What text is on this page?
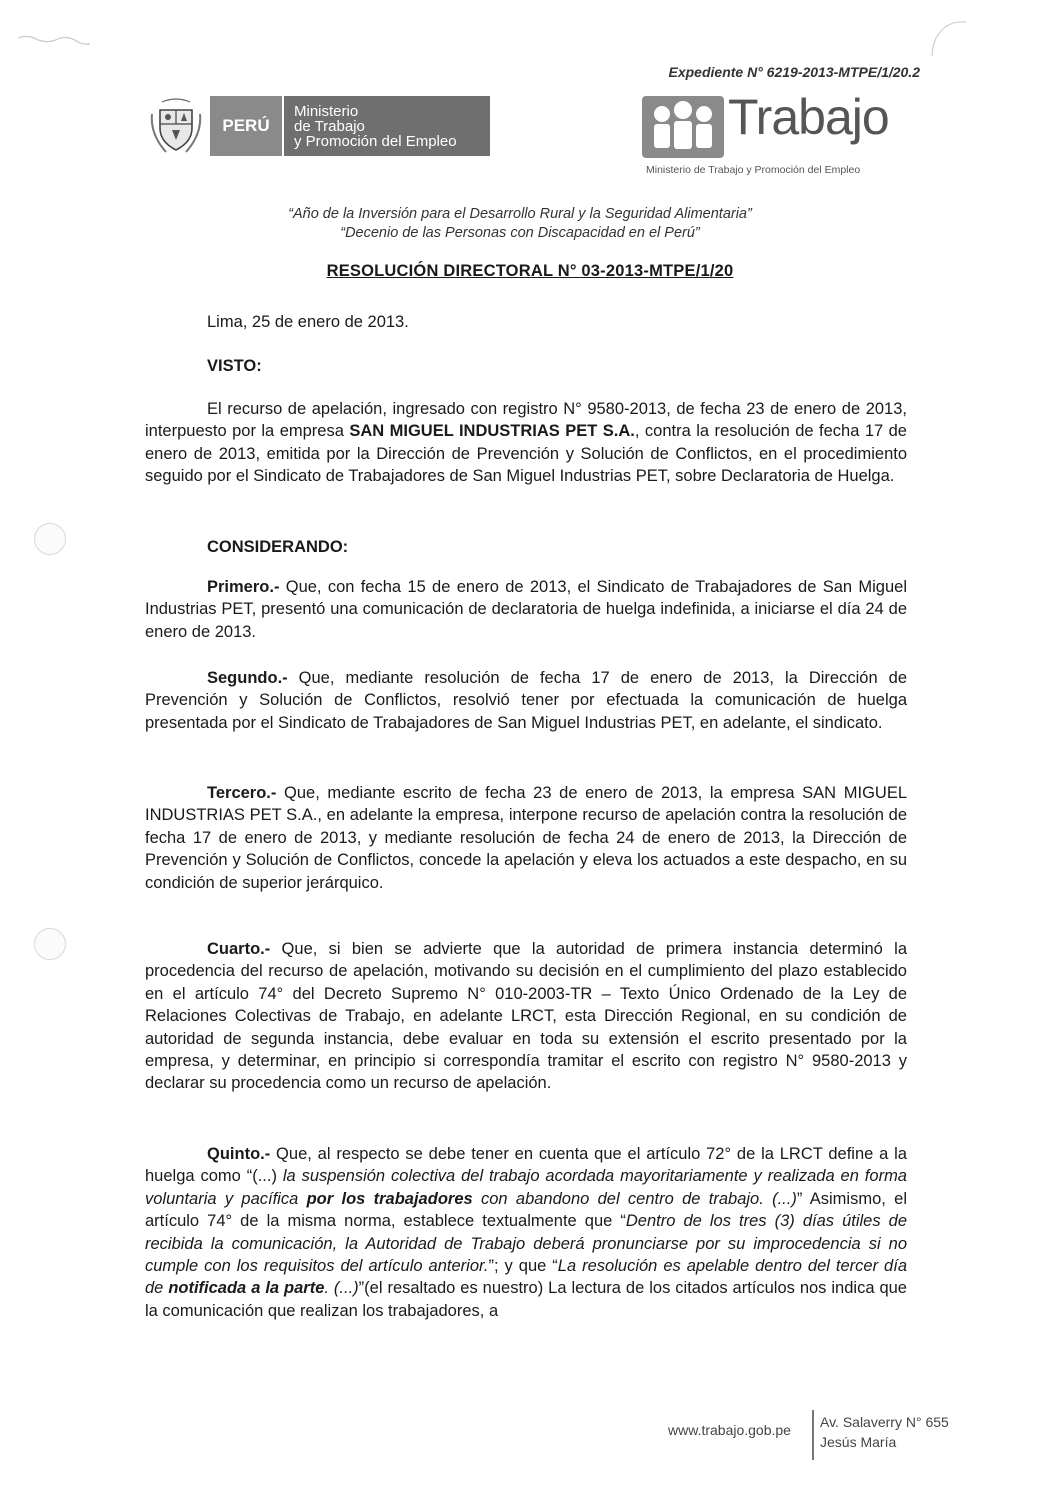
Expediente N° 6219-2013-MTPE/1/20.2
PERÚ
Ministerio
de Trabajo
y Promoción del Empleo	Trabajo
Ministerio de Trabajo y Promoción del Empleo
“Año de la Inversión para el Desarrollo Rural y la Seguridad Alimentaria”
“Decenio de las Personas con Discapacidad en el Perú”
RESOLUCIÓN DIRECTORAL N° 03-2013-MTPE/1/20
Lima, 25 de enero de 2013.
VISTO:
El recurso de apelación, ingresado con registro N° 9580-2013, de fecha 23 de enero de 2013, interpuesto por la empresa SAN MIGUEL INDUSTRIAS PET S.A., contra la resolución de fecha 17 de enero de 2013, emitida por la Dirección de Prevención y Solución de Conflictos, en el procedimiento seguido por el Sindicato de Trabajadores de San Miguel Industrias PET, sobre Declaratoria de Huelga.
CONSIDERANDO:
Primero.- Que, con fecha 15 de enero de 2013, el Sindicato de Trabajadores de San Miguel Industrias PET, presentó una comunicación de declaratoria de huelga indefinida, a iniciarse el día 24 de enero de 2013.
Segundo.- Que, mediante resolución de fecha 17 de enero de 2013, la Dirección de Prevención y Solución de Conflictos, resolvió tener por efectuada la comunicación de huelga presentada por el Sindicato de Trabajadores de San Miguel Industrias PET, en adelante, el sindicato.
Tercero.- Que, mediante escrito de fecha 23 de enero de 2013, la empresa SAN MIGUEL INDUSTRIAS PET S.A., en adelante la empresa, interpone recurso de apelación contra la resolución de fecha 17 de enero de 2013, y mediante resolución de fecha 24 de enero de 2013, la Dirección de Prevención y Solución de Conflictos, concede la apelación y eleva los actuados a este despacho, en su condición de superior jerárquico.
Cuarto.- Que, si bien se advierte que la autoridad de primera instancia determinó la procedencia del recurso de apelación, motivando su decisión en el cumplimiento del plazo establecido en el artículo 74° del Decreto Supremo N° 010-2003-TR – Texto Único Ordenado de la Ley de Relaciones Colectivas de Trabajo, en adelante LRCT, esta Dirección Regional, en su condición de autoridad de segunda instancia, debe evaluar en toda su extensión el escrito presentado por la empresa, y determinar, en principio si correspondía tramitar el escrito con registro N° 9580-2013 y declarar su procedencia como un recurso de apelación.
Quinto.- Que, al respecto se debe tener en cuenta que el artículo 72° de la LRCT define a la huelga como “(...) la suspensión colectiva del trabajo acordada mayoritariamente y realizada en forma voluntaria y pacífica por los trabajadores con abandono del centro de trabajo. (...)” Asimismo, el artículo 74° de la misma norma, establece textualmente que “Dentro de los tres (3) días útiles de recibida la comunicación, la Autoridad de Trabajo deberá pronunciarse por su improcedencia si no cumple con los requisitos del artículo anterior.”; y que “La resolución es apelable dentro del tercer día de notificada a la parte. (...)”(el resaltado es nuestro) La lectura de los citados artículos nos indica que la comunicación que realizan los trabajadores, a
www.trabajo.gob.pe Av. Salaverry N° 655
Jesús María
